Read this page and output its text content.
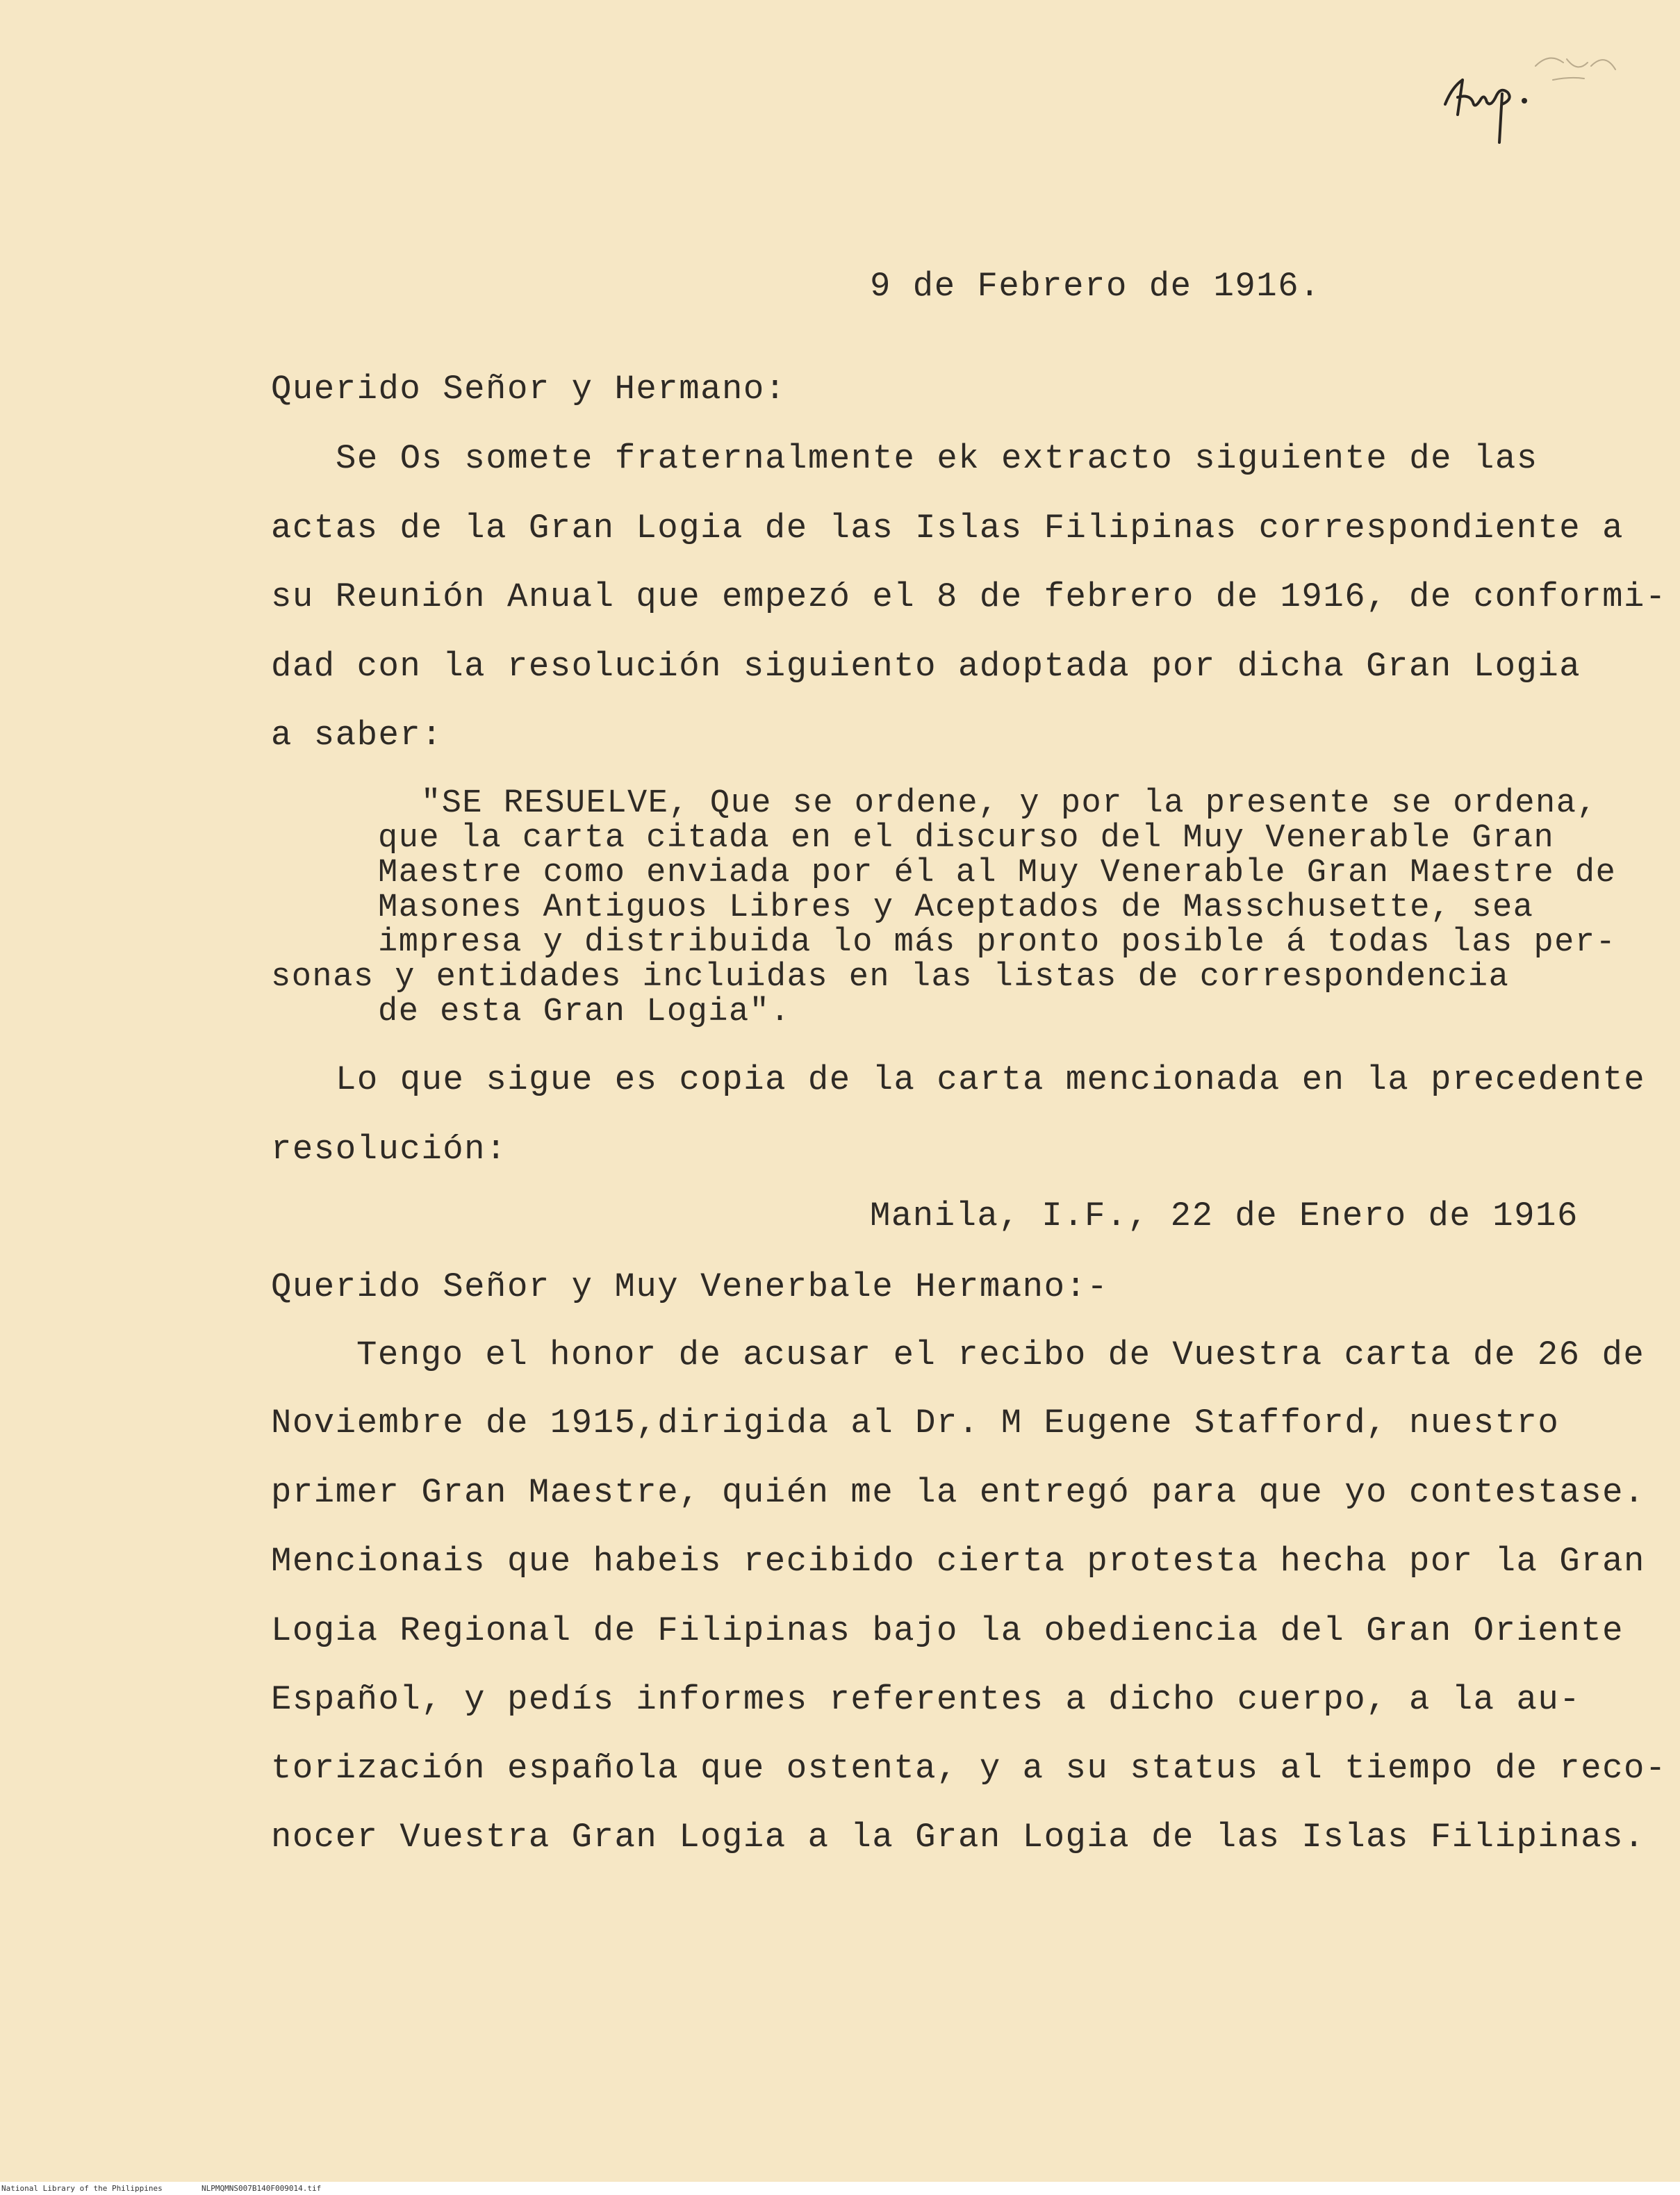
9 de Febrero de 1916.
Querido Señor y Hermano:
Se Os somete fraternalmente ek extracto siguiente de las
actas de la Gran Logia de las Islas Filipinas correspondiente a
su Reunión Anual que empezó el 8 de febrero de 1916, de conformi-
dad con la resolución siguiento adoptada por dicha Gran Logia
a saber:
"SE RESUELVE, Que se ordene, y por la presente se ordena,
que la carta citada en el discurso del Muy Venerable Gran
Maestre como enviada por él al Muy Venerable Gran Maestre de
Masones Antiguos Libres y Aceptados de Masschusette, sea
impresa y distribuida lo más pronto posible á todas las per-
sonas y entidades incluidas en las listas de correspondencia
de esta Gran Logia".
Lo que sigue es copia de la carta mencionada en la precedente
resolución:
Manila, I.F., 22 de Enero de 1916
Querido Señor y Muy Venerbale Hermano:-
Tengo el honor de acusar el recibo de Vuestra carta de 26 de
Noviembre de 1915,dirigida al Dr. M Eugene Stafford, nuestro
primer Gran Maestre, quién me la entregó para que yo contestase.
Mencionais que habeis recibido cierta protesta hecha por la Gran
Logia Regional de Filipinas bajo la obediencia del Gran Oriente
Español, y pedís informes referentes a dicho cuerpo, a la au-
torización española que ostenta, y a su status al tiempo de reco-
nocer Vuestra Gran Logia a la Gran Logia de las Islas Filipinas.
National Library of the Philippines	NLPMQMNS007B140F009014.tif
